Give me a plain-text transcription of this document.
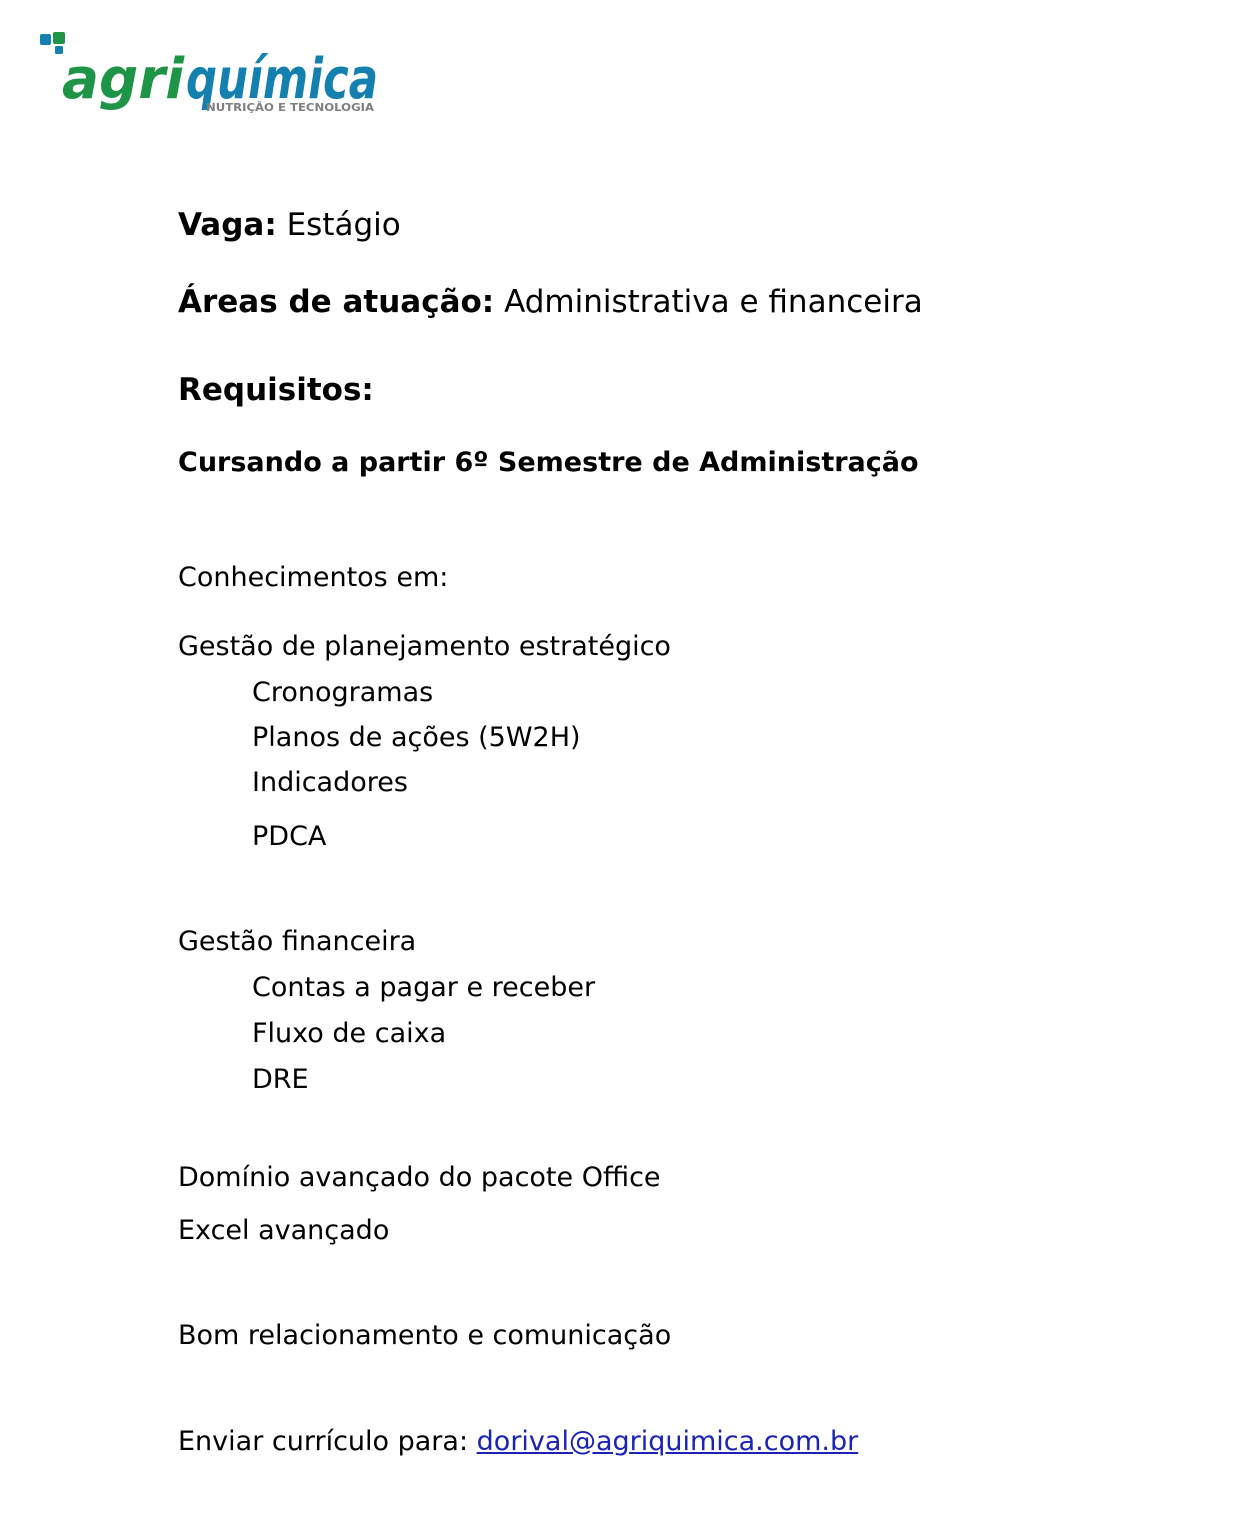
agri química
NUTRIÇÃO E TECNOLOGIA
Vaga: Estágio
Áreas de atuação: Administrativa e financeira
Requisitos:
Cursando a partir 6º Semestre de Administração
Conhecimentos em:
Gestão de planejamento estratégico
Cronogramas
Planos de ações (5W2H)
Indicadores
PDCA
Gestão financeira
Contas a pagar e receber
Fluxo de caixa
DRE
Domínio avançado do pacote Office
Excel avançado
Bom relacionamento e comunicação
Enviar currículo para: dorival@agriquimica.com.br
